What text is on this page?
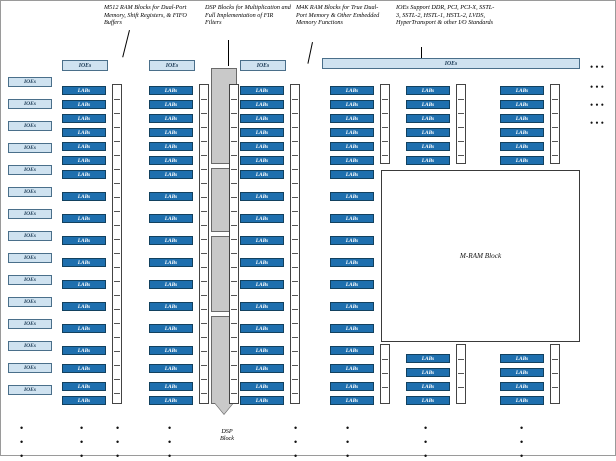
M512 RAM Blocks for Dual-Port Memory, Shift Registers, & FIFO Buffers
DSP Blocks for Multiplication and Full Implementation of FIR Filters
M4K RAM Blocks for True Dual-Port Memory & Other Embedded Memory Functions
IOEs Support DDR, PCI, PCI-X, SSTL-3, SSTL-2, HSTL-1, HSTL-2, LVDS, HyperTransport & other I/O Standards
IOEs	IOEs	IOEs	IOEs
IOEs
IOEs
IOEs
IOEs
IOEs
IOEs
IOEs
IOEs
IOEs
IOEs
IOEs
IOEs
IOEs
IOEs
IOEs
LABs
LABs
LABs
LABs
LABs
LABs
LABs
LABs
LABs
LABs
LABs
LABs
LABs
LABs
LABs
LABs
LABs
LABs
LABs
LABs
LABs
LABs
LABs
LABs
LABs
LABs
LABs
LABs
LABs
LABs
LABs
LABs
LABs
LABs
LABs
LABs
DSP
Block
LABs
LABs
LABs
LABs
LABs
LABs
LABs
LABs
LABs
LABs
LABs
LABs
LABs
LABs
LABs
LABs
LABs
LABs
LABs
LABs
LABs
LABs
LABs
LABs
LABs
LABs
LABs
LABs
LABs
LABs
LABs
LABs
LABs
LABs
LABs
LABs
LABs
LABs
LABs
LABs
LABs
LABs
LABs
LABs
LABs
LABs
LABs
LABs
LABs
LABs
LABs
LABs
LABs
LABs
LABs
LABs
M-RAM Block
• • •
• • •
• • •
• • •
•
•
•
•
•
•
•
•
•
•
•
•
•
•
•
•
•
•
•
•
•
•
•
•
